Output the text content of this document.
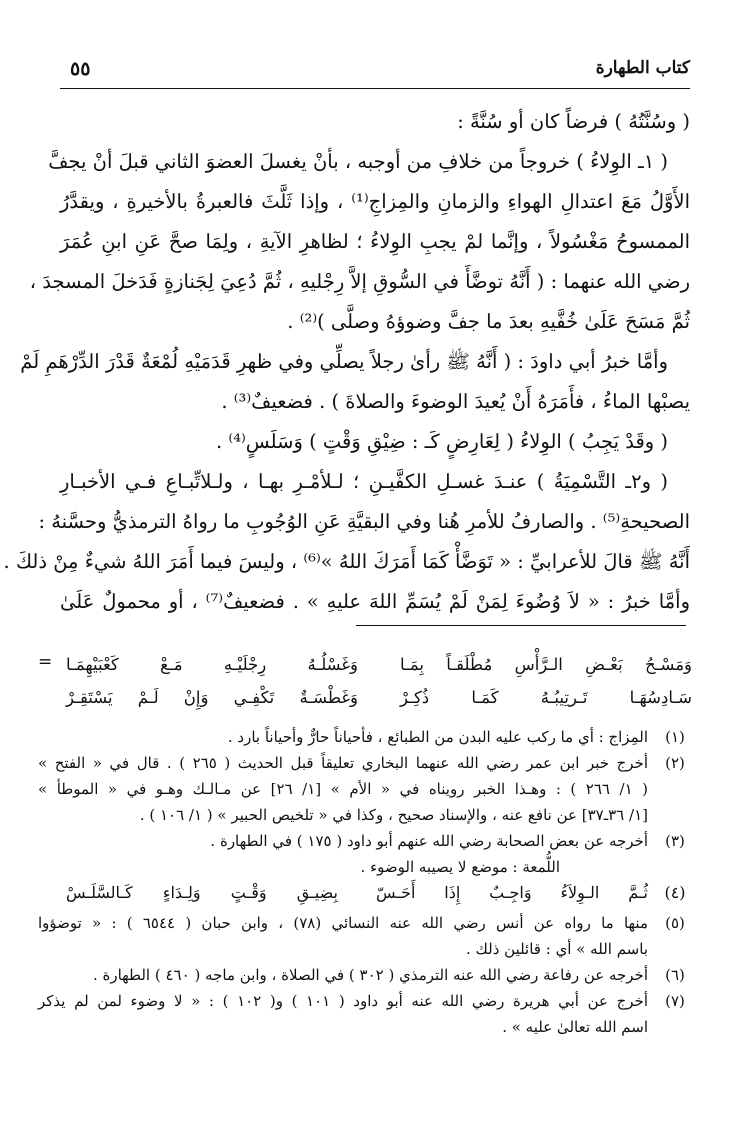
كتاب الطهارة
٥٥
( وسُنَّتُهُ ) فرضاً كان أو سُنَّةً :
( ١ـ الوِلاءُ ) خروجاً من خلافِ من أوجبه ، بأنْ يغسلَ العضوَ الثاني قبلَ أنْ يجفَّ
الأَوَّلُ مَعَ اعتدالِ الهواءِ والزمانِ والمِزاجِ⁽¹⁾ ، وإذا ثَلَّثَ فالعبرةُ بالأخيرةِ ، ويقدَّرُ
الممسوحُ مَغْسُولاً ، وإنَّما لمْ يجبِ الوِلاءُ ؛ لظاهرِ الآيةِ ، ولِمَا صحَّ عَنِ ابنِ عُمَرَ
رضي الله عنهما : ( أَنَّهُ توضَّأَ في السُّوقِ إلاَّ رِجْليهِ ، ثُمَّ دُعِيَ لِجَنازةٍ فَدَخلَ المسجدَ ،
ثُمَّ مَسَحَ عَلَىٰ خُفَّيهِ بعدَ ما جفَّ وضوؤهُ وصلَّى )⁽²⁾ .
وأمَّا خبرُ أبي داودَ : ( أَنَّهُ ﷺ رأىٰ رجلاً يصلِّي وفي ظهرِ قَدَمَيْهِ لُمْعَةٌ قَدْرَ الدِّرْهَمِ لَمْ
يصبْها الماءُ ، فأَمَرَهُ أَنْ يُعيدَ الوضوءَ والصلاةَ ) . فضعيفٌ⁽³⁾ .
( وقَدْ يَجِبُ ) الوِلاءُ ( لِعَارِضٍ كَـ : ضِيْقِ وَقْتٍ ) وَسَلَسٍ⁽⁴⁾ .
( و٢ـ التَّسْمِيَةُ ) عنـدَ غسـلِ الكفَّيـنِ ؛ لـلأمْـرِ بهـا ، ولـلاتِّبـاعِ فـي الأخبـارِ
الصحيحةِ⁽⁵⁾ . والصارفُ للأمرِ هُنا وفي البقيَّةِ عَنِ الوُجُوبِ ما رواهُ الترمذيُّ وحسَّنهُ :
أَنَّهُ ﷺ قالَ للأعرابيِّ : « تَوَضَّأْ كَمَا أَمَرَكَ اللهُ »⁽⁶⁾ ، وليسَ فيما أَمَرَ اللهُ شيءٌ مِنْ ذلكَ .
وأمَّا خبرُ : « لاَ وُضُوءَ لِمَنْ لَمْ يُسَمِّ اللهَ عليهِ » . فضعيفٌ⁽⁷⁾ ، أو محمولٌ عَلَىٰ
=	وَمَسْـحُ بَعْـضِ الـرَّأْسِ مُطْلَقـاً بِمَـا
وَغَسْلُـهُ رِجْلَيْـهِ مَـعْ كَعْبَيْهِمَـا
سَـادِسُهَـا تَـرتِيبُـهُ كَمَـا ذُكِـرْ
وَغَطْسَـةٌ تَكْفِـي وَإِنْ لَـمْ يَسْتَقِـرْ
(١)
المِزاج : أي ما ركب عليه البدن من الطبائع ، فأحياناً حارٌّ وأحياناً بارد .
(٢)
أخرج خبر ابن عمر رضي الله عنهما البخاري تعليقاً قبل الحديث ( ٢٦٥ ) . قال في « الفتح »
( ١/ ٢٦٦ ) : وهـذا الخبر رويناه في « الأم » [١/ ٢٦] عن مـالـك وهـو في « الموطأ »
[١/ ٣٦ـ٣٧] عن نافع عنه ، والإسناد صحيح ، وكذا في « تلخيص الحبير » ( ١/ ١٠٦ ) .
(٣)
أخرجه عن بعض الصحابة رضي الله عنهم أبو داود ( ١٧٥ ) في الطهارة .
اللُّمعة : موضع لا يصيبه الوضوء .
(٤)
ثُـمَّ الـوِلاَءُ وَاجِـبٌ إِذَا أَحَـسّ
بِضِيـقِ وَقْـتٍ وَلِـدَاءٍ كَـالسَّلَـسْ
(٥)
منها ما رواه عن أنس رضي الله عنه النسائي (٧٨) ، وابن حبان ( ٦٥٤٤ ) : « توضؤوا
باسم الله » أي : قائلين ذلك .
(٦)
أخرجه عن رفاعة رضي الله عنه الترمذي ( ٣٠٢ ) في الصلاة ، وابن ماجه ( ٤٦٠ ) الطهارة .
(٧)
أخرج عن أبي هريرة رضي الله عنه أبو داود ( ١٠١ ) و( ١٠٢ ) : « لا وضوء لمن لم يذكر
اسم الله تعالىٰ عليه » .
